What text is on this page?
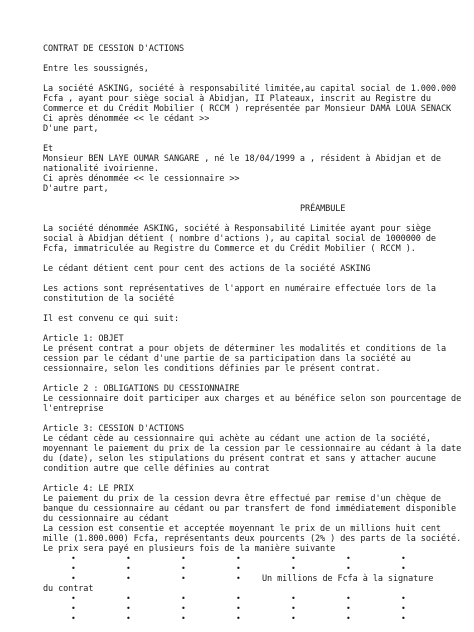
CONTRAT DE CESSION D'ACTIONS
Entre les soussignés,
La société ASKING, société à responsabilité limitée,au capital social de 1.000.000
Fcfa , ayant pour siège social à Abidjan, II Plateaux, inscrit au Registre du
Commerce et du Crédit Mobilier ( RCCM ) représentée par Monsieur DAMA LOUA SENACK
Ci après dénommée << le cédant >>
D'une part,
Et
Monsieur BEN LAYE OUMAR SANGARE , né le 18/04/1999 a , résident à Abidjan et de
nationalité ivoirienne.
Ci après dénommée << le cessionnaire >>
D'autre part,
PRÉAMBULE
La société dénommée ASKING, société à Responsabilité Limitée ayant pour siège
social à Abidjan détient ( nombre d'actions ), au capital social de 1000000 de
Fcfa, immatriculée au Registre du Commerce et du Crédit Mobilier ( RCCM ).
Le cédant détient cent pour cent des actions de la société ASKING
Les actions sont représentatives de l'apport en numéraire effectuée lors de la
constitution de la société
Il est convenu ce qui suit:
Article 1: OBJET
Le présent contrat a pour objets de déterminer les modalités et conditions de la
cession par le cédant d'une partie de sa participation dans la société au
cessionnaire, selon les conditions définies par le présent contrat.
Article 2 : OBLIGATIONS DU CESSIONNAIRE
Le cessionnaire doit participer aux charges et au bénéfice selon son pourcentage de
l'entreprise
Article 3: CESSION D'ACTIONS
Le cédant cède au cessionnaire qui achète au cédant une action de la société,
moyennant le paiement du prix de la cession par le cessionnaire au cédant à la date
du (date), selon les stipulations du présent contrat et sans y attacher aucune
condition autre que celle définies au contrat
Article 4: LE PRIX
Le paiement du prix de la cession devra être effectué par remise d'un chèque de
banque du cessionnaire au cédant ou par transfert de fond immédiatement disponible
du cessionnaire au cédant
La cession est consentie et acceptée moyennant le prix de un millions huit cent
mille (1.800.000) Fcfa, représentants deux pourcents (2% ) des parts de la société.
Le prix sera payé en plusieurs fois de la manière suivante
•	•	•	•	•	•	•
•	•	•	•	•	•	•
•	•	•	• Un millions de Fcfa à la signature
du contrat
•	•	•	•	•	•	•
•	•	•	•	•	•	•
•	•	•	•	•	•	•
